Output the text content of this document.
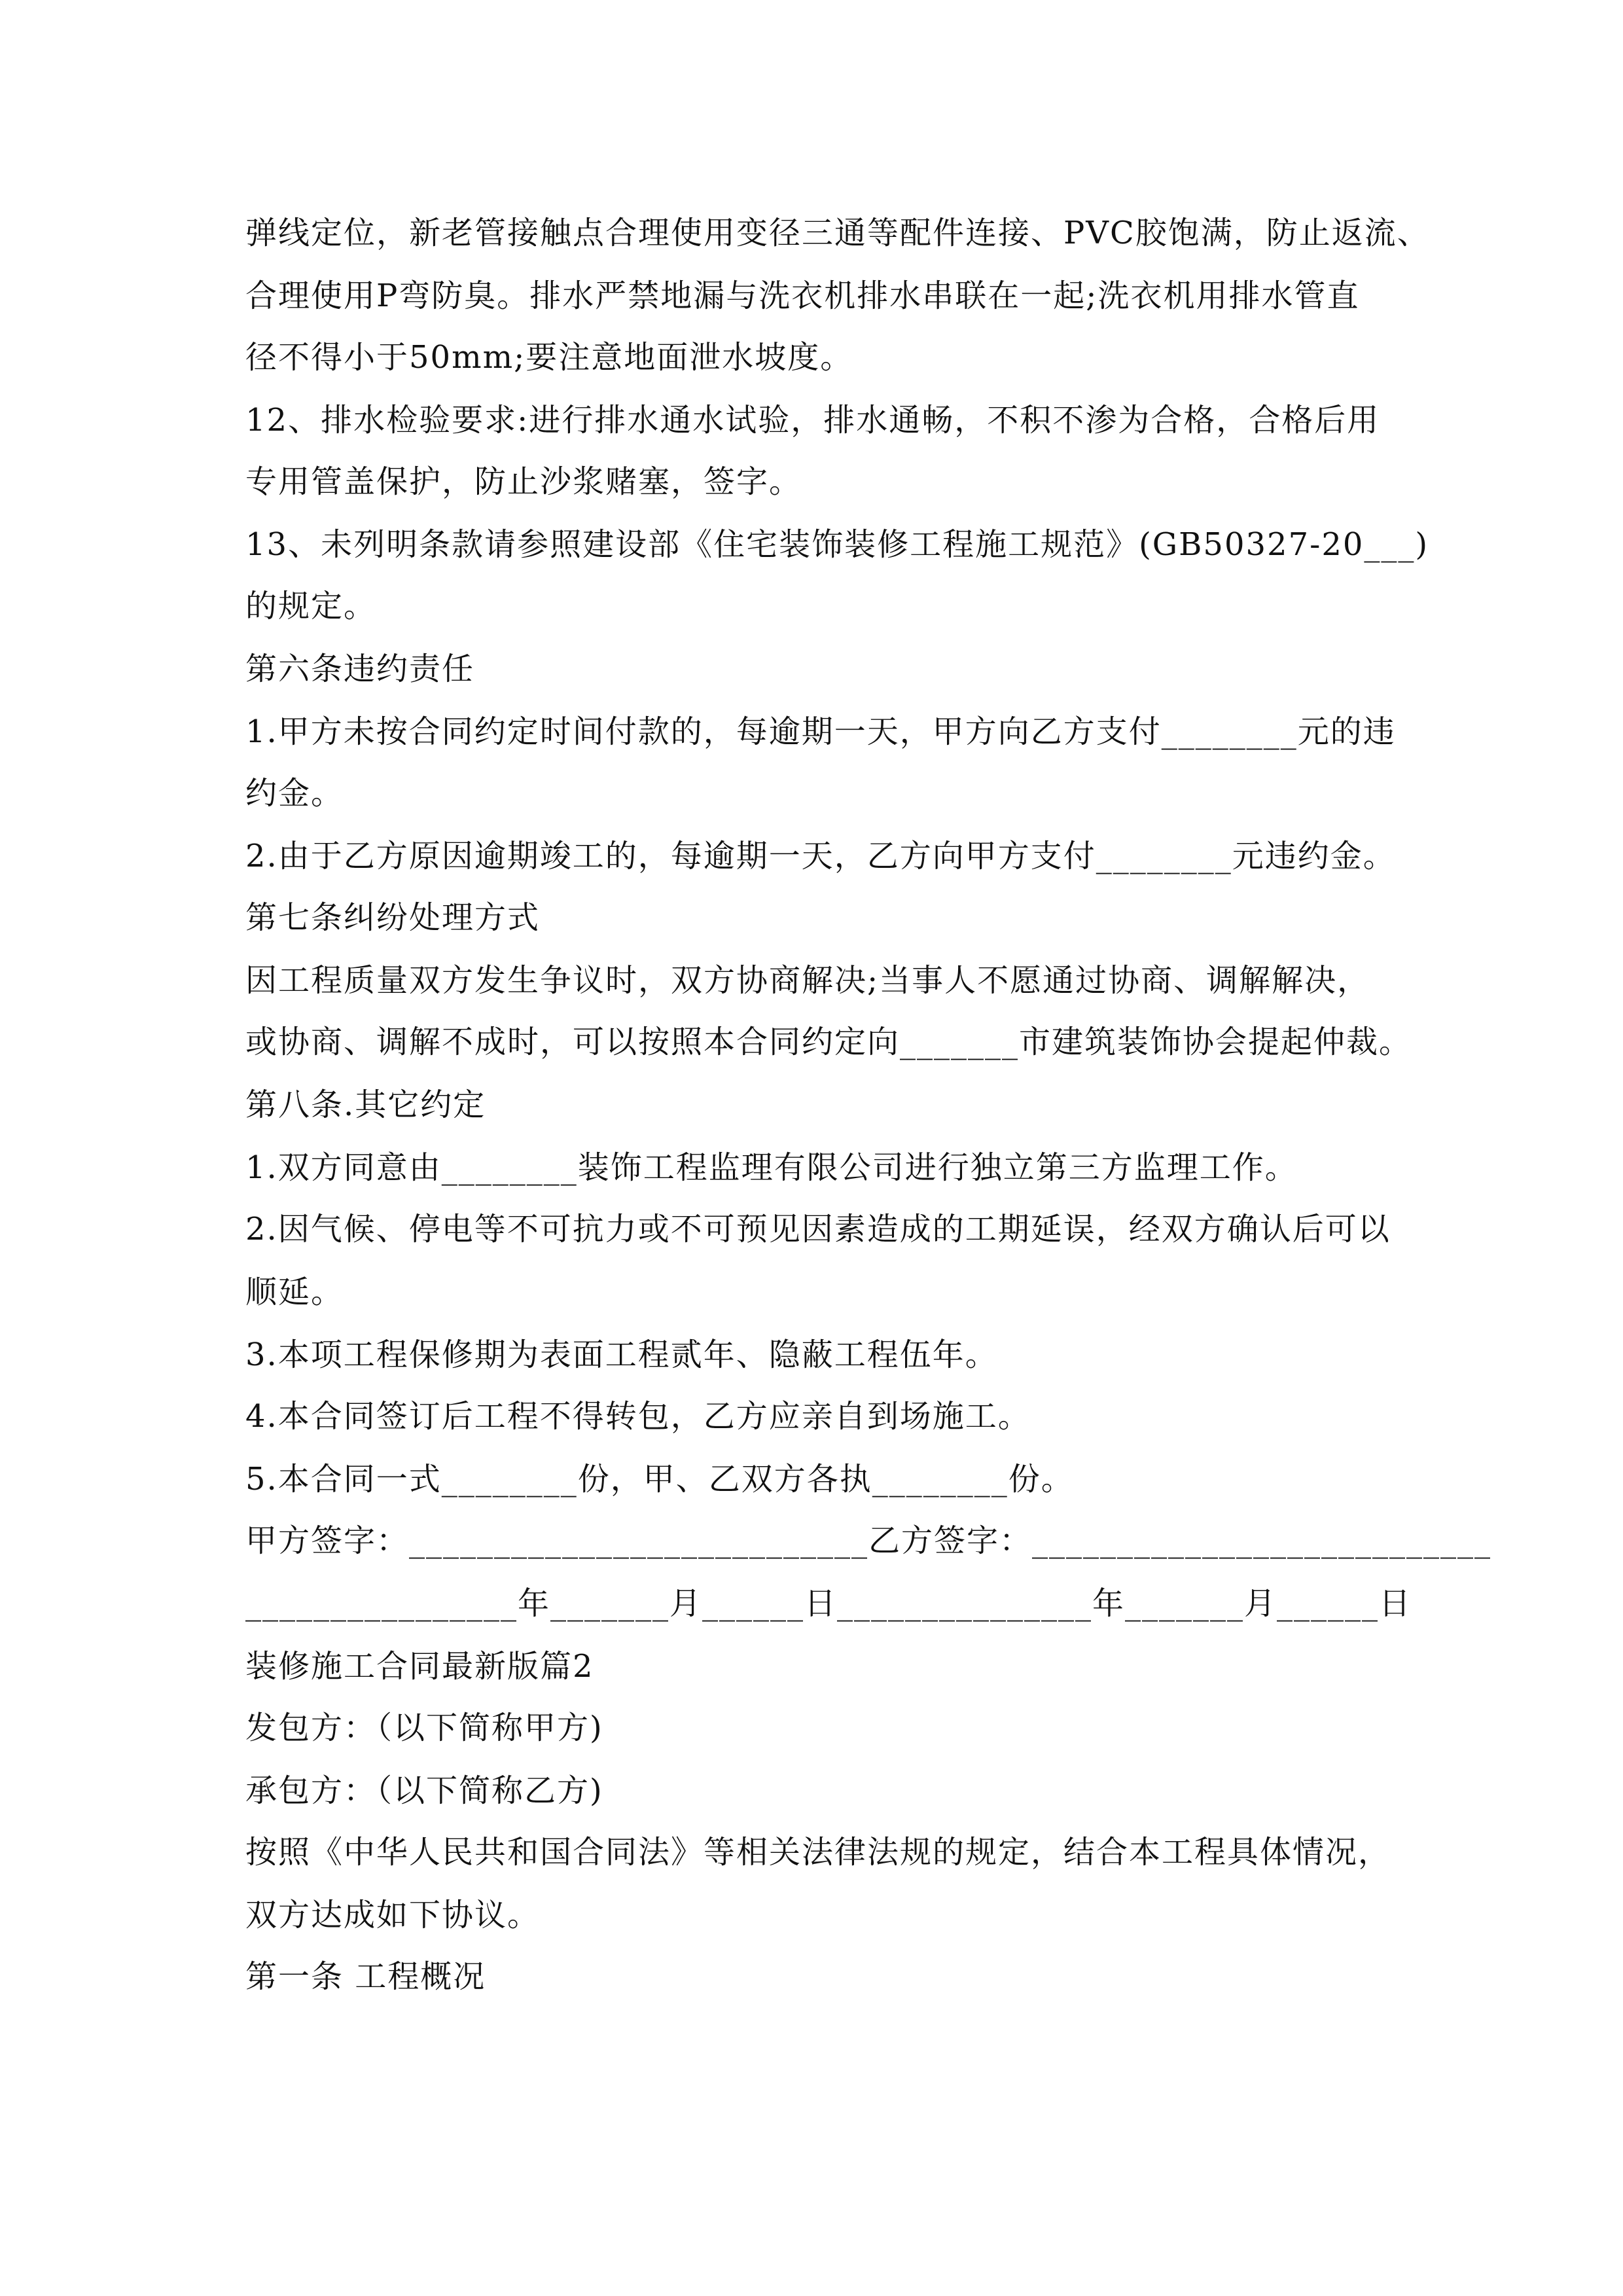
弹线定位，新老管接触点合理使用变径三通等配件连接、PVC胶饱满，防止返流、
合理使用P弯防臭。排水严禁地漏与洗衣机排水串联在一起;洗衣机用排水管直
径不得小于50mm;要注意地面泄水坡度。
12、排水检验要求:进行排水通水试验，排水通畅，不积不渗为合格，合格后用
专用管盖保护，防止沙浆赌塞，签字。
13、未列明条款请参照建设部《住宅装饰装修工程施工规范》(GB50327-20___)
的规定。
第六条违约责任
1.甲方未按合同约定时间付款的，每逾期一天，甲方向乙方支付________元的违
约金。
2.由于乙方原因逾期竣工的，每逾期一天，乙方向甲方支付________元违约金。
第七条纠纷处理方式
因工程质量双方发生争议时，双方协商解决;当事人不愿通过协商、调解解决，
或协商、调解不成时，可以按照本合同约定向_______市建筑装饰协会提起仲裁。
第八条.其它约定
1.双方同意由________装饰工程监理有限公司进行独立第三方监理工作。
2.因气候、停电等不可抗力或不可预见因素造成的工期延误，经双方确认后可以
顺延。
3.本项工程保修期为表面工程贰年、隐蔽工程伍年。
4.本合同签订后工程不得转包，乙方应亲自到场施工。
5.本合同一式________份，甲、乙双方各执________份。
甲方签字：___________________________乙方签字：___________________________
________________年_______月______日_______________年_______月______日
装修施工合同最新版篇2
发包方：（以下简称甲方)
承包方：（以下简称乙方)
按照《中华人民共和国合同法》等相关法律法规的规定，结合本工程具体情况，
双方达成如下协议。
第一条 工程概况
